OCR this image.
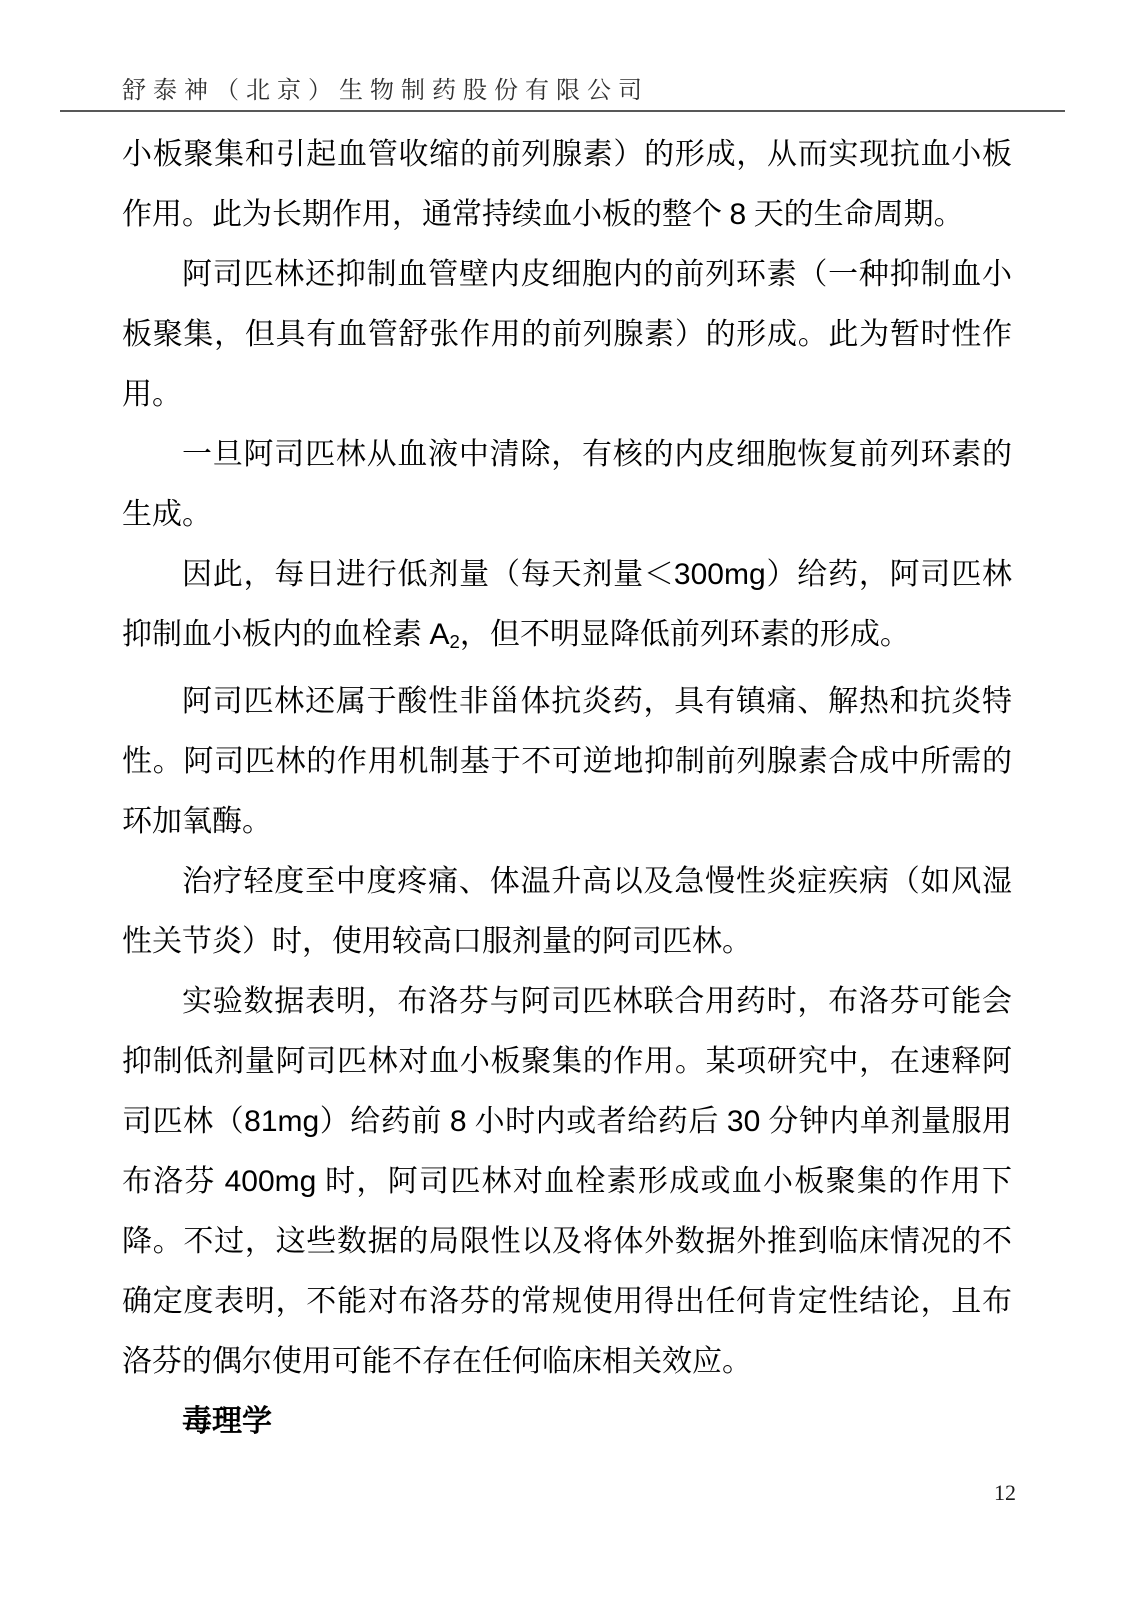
舒泰神（北京）生物制药股份有限公司

小板聚集和引起血管收缩的前列腺素）的形成，从而实现抗血小板作用。此为长期作用，通常持续血小板的整个 8 天的生命周期。

阿司匹林还抑制血管壁内皮细胞内的前列环素（一种抑制血小板聚集，但具有血管舒张作用的前列腺素）的形成。此为暂时性作用。

一旦阿司匹林从血液中清除，有核的内皮细胞恢复前列环素的生成。

因此，每日进行低剂量（每天剂量＜300mg）给药，阿司匹林抑制血小板内的血栓素 $A_2$，但不明显降低前列环素的形成。

阿司匹林还属于酸性非甾体抗炎药，具有镇痛、解热和抗炎特性。阿司匹林的作用机制基于不可逆地抑制前列腺素合成中所需的环加氧酶。

治疗轻度至中度疼痛、体温升高以及急慢性炎症疾病（如风湿性关节炎）时，使用较高口服剂量的阿司匹林。

实验数据表明，布洛芬与阿司匹林联合用药时，布洛芬可能会抑制低剂量阿司匹林对血小板聚集的作用。某项研究中，在速释阿司匹林（81mg）给药前 8 小时内或者给药后 30 分钟内单剂量服用布洛芬 400mg 时，阿司匹林对血栓素形成或血小板聚集的作用下降。不过，这些数据的局限性以及将体外数据外推到临床情况的不确定度表明，不能对布洛芬的常规使用得出任何肯定性结论，且布洛芬的偶尔使用可能不存在任何临床相关效应。

毒理学

12
